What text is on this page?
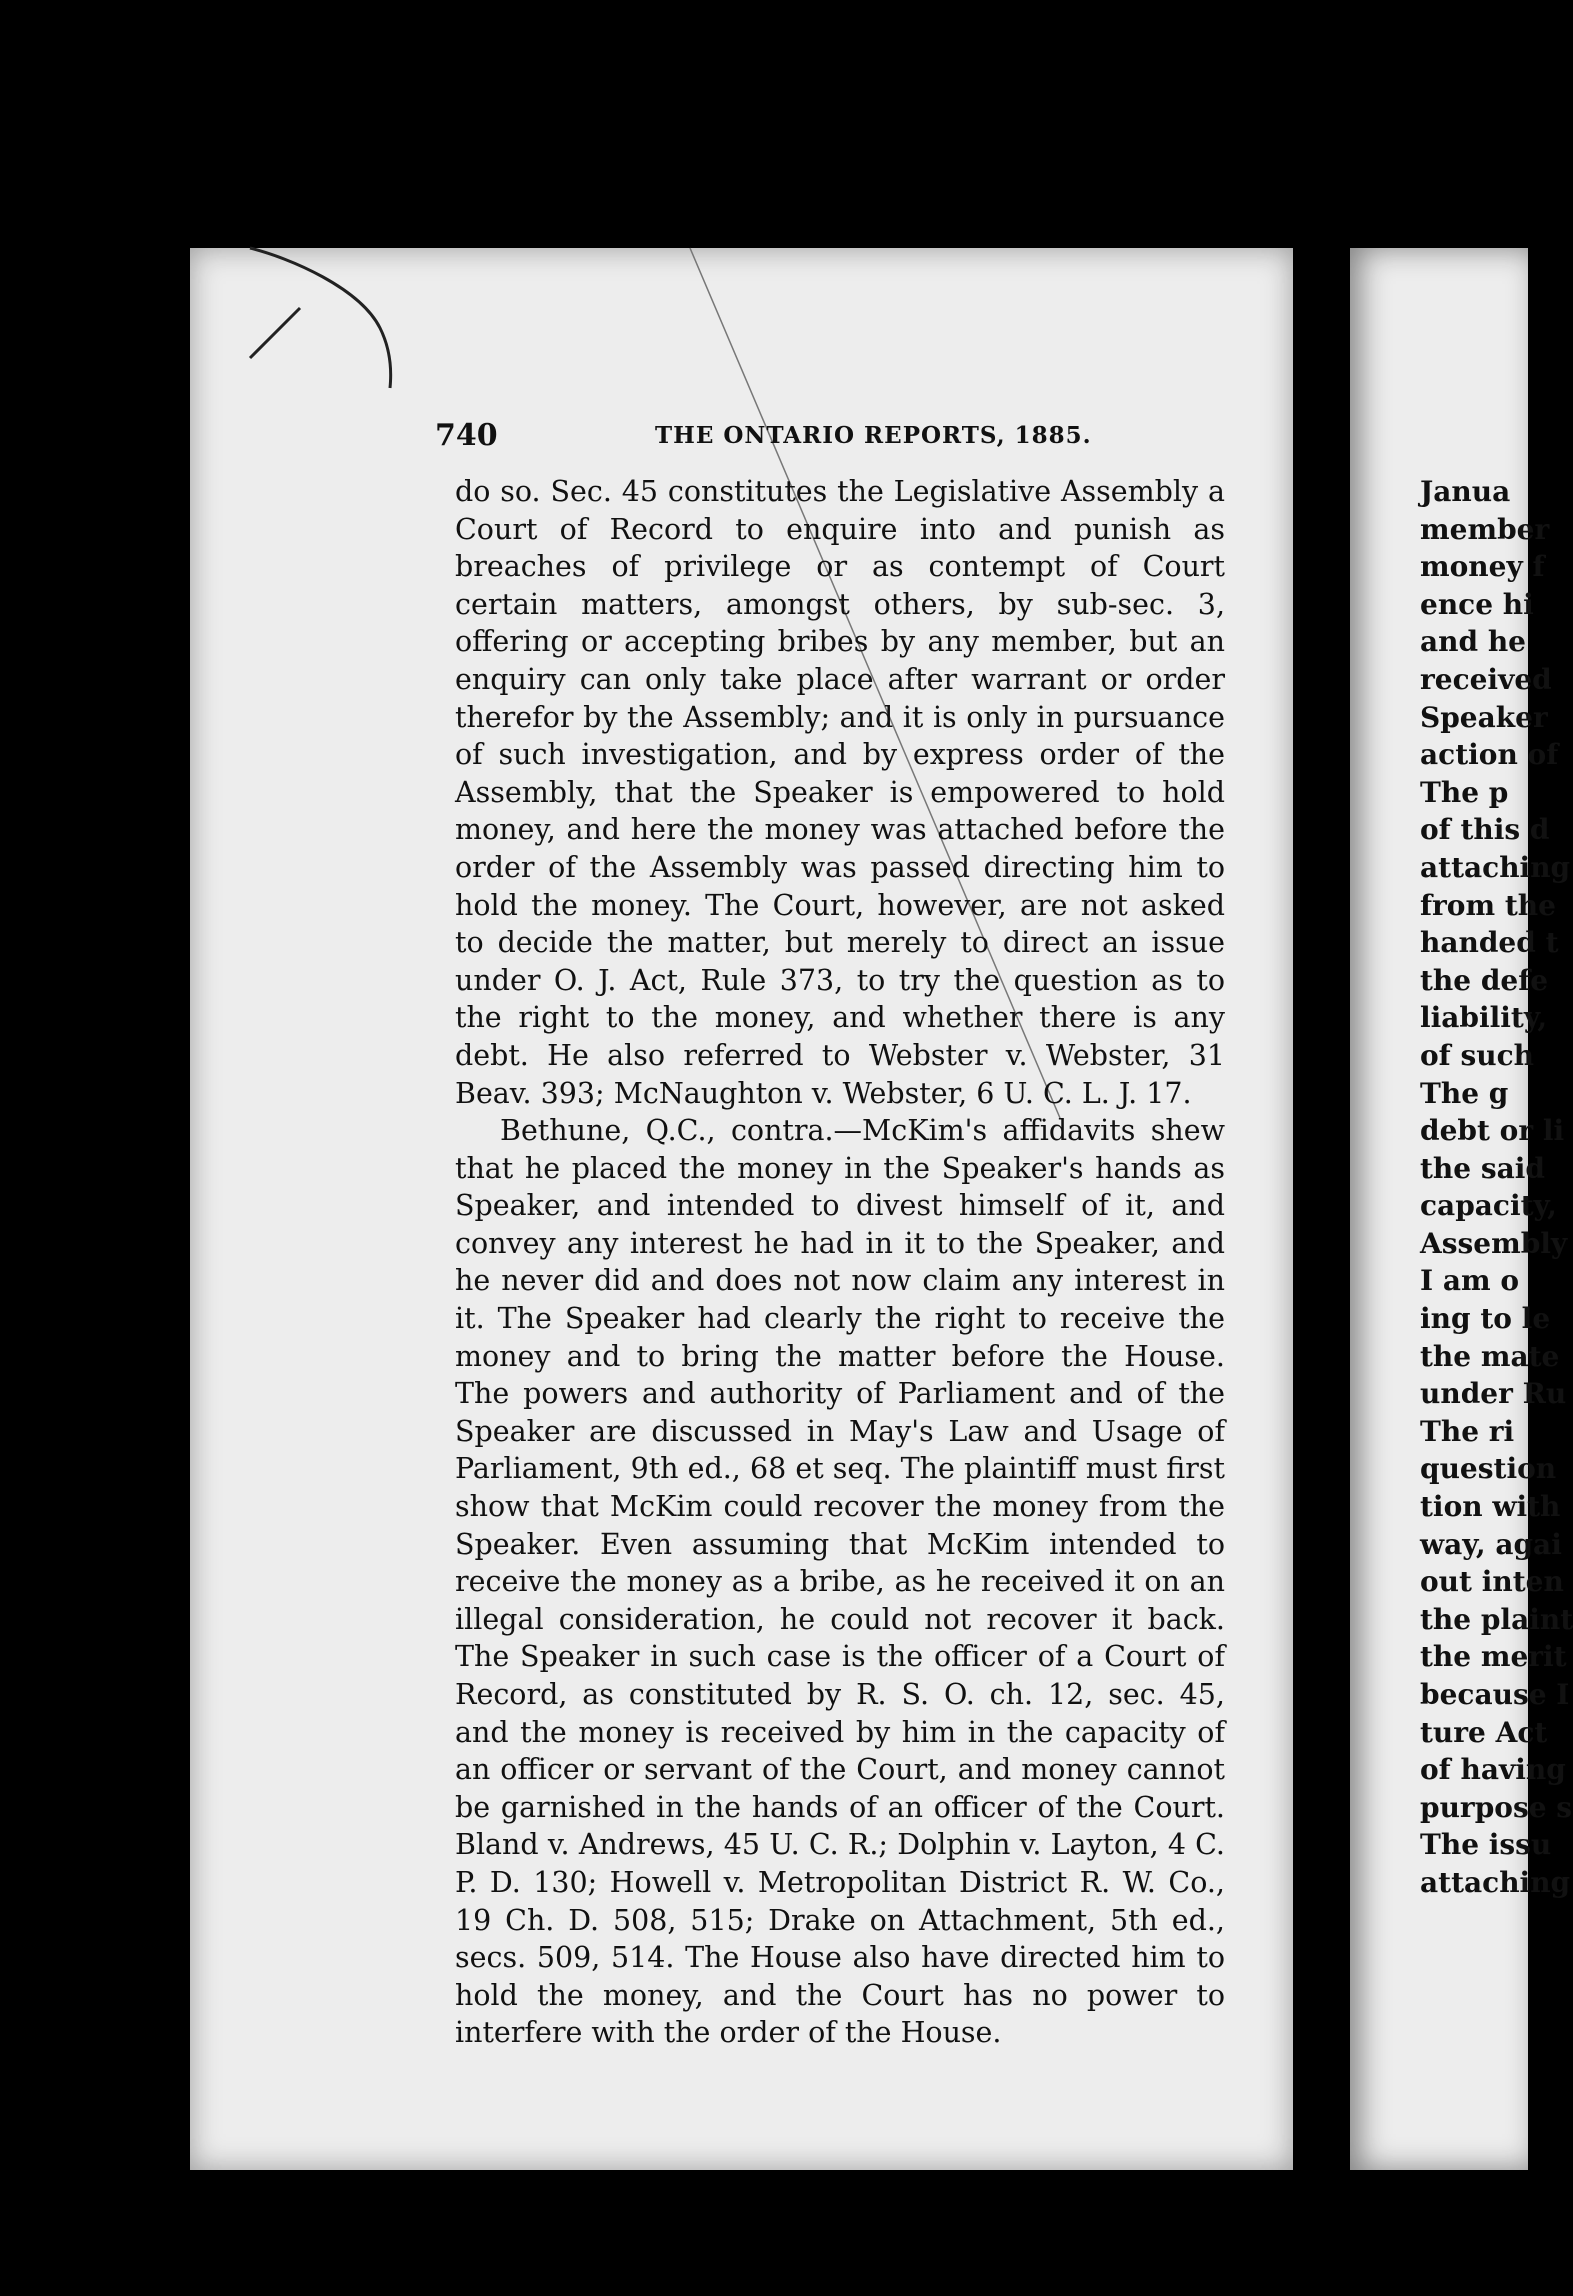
740	THE ONTARIO REPORTS, 1885.

do so. Sec. 45 constitutes the Legislative Assembly a Court of Record to enquire into and punish as breaches of privilege or as contempt of Court certain matters, amongst others, by sub-sec. 3, offering or accepting bribes by any member, but an enquiry can only take place after warrant or order therefor by the Assembly; and it is only in pursuance of such investigation, and by express order of the Assembly, that the Speaker is empowered to hold money, and here the money was attached before the order of the Assembly was passed directing him to hold the money. The Court, however, are not asked to decide the matter, but merely to direct an issue under O. J. Act, Rule 373, to try the question as to the right to the money, and whether there is any debt. He also referred to Webster v. Webster, 31 Beav. 393; McNaughton v. Webster, 6 U. C. L. J. 17.

Bethune, Q.C., contra.—McKim's affidavits shew that he placed the money in the Speaker's hands as Speaker, and intended to divest himself of it, and convey any interest he had in it to the Speaker, and he never did and does not now claim any interest in it. The Speaker had clearly the right to receive the money and to bring the matter before the House. The powers and authority of Parliament and of the Speaker are discussed in May's Law and Usage of Parliament, 9th ed., 68 et seq. The plaintiff must first show that McKim could recover the money from the Speaker. Even assuming that McKim intended to receive the money as a bribe, as he received it on an illegal consideration, he could not recover it back. The Speaker in such case is the officer of a Court of Record, as constituted by R. S. O. ch. 12, sec. 45, and the money is received by him in the capacity of an officer or servant of the Court, and money cannot be garnished in the hands of an officer of the Court. Bland v. Andrews, 45 U. C. R.; Dolphin v. Layton, 4 C. P. D. 130; Howell v. Metropolitan District R. W. Co., 19 Ch. D. 508, 515; Drake on Attachment, 5th ed., secs. 509, 514. The House also have directed him to hold the money, and the Court has no power to interfere with the order of the House.

Janua
member
money f
ence hi
and he
received
Speaker
action of
The p
of this d
attaching
from the
handed t
the defe
liability,
of such
The g
debt or li
the said
capacity,
Assembly
I am o
ing to le
the mate
under Ru
The ri
question
tion with
way, agai
out inten
the plaint
the merit
because I
ture Act
of having
purpose s
The issu
attaching
